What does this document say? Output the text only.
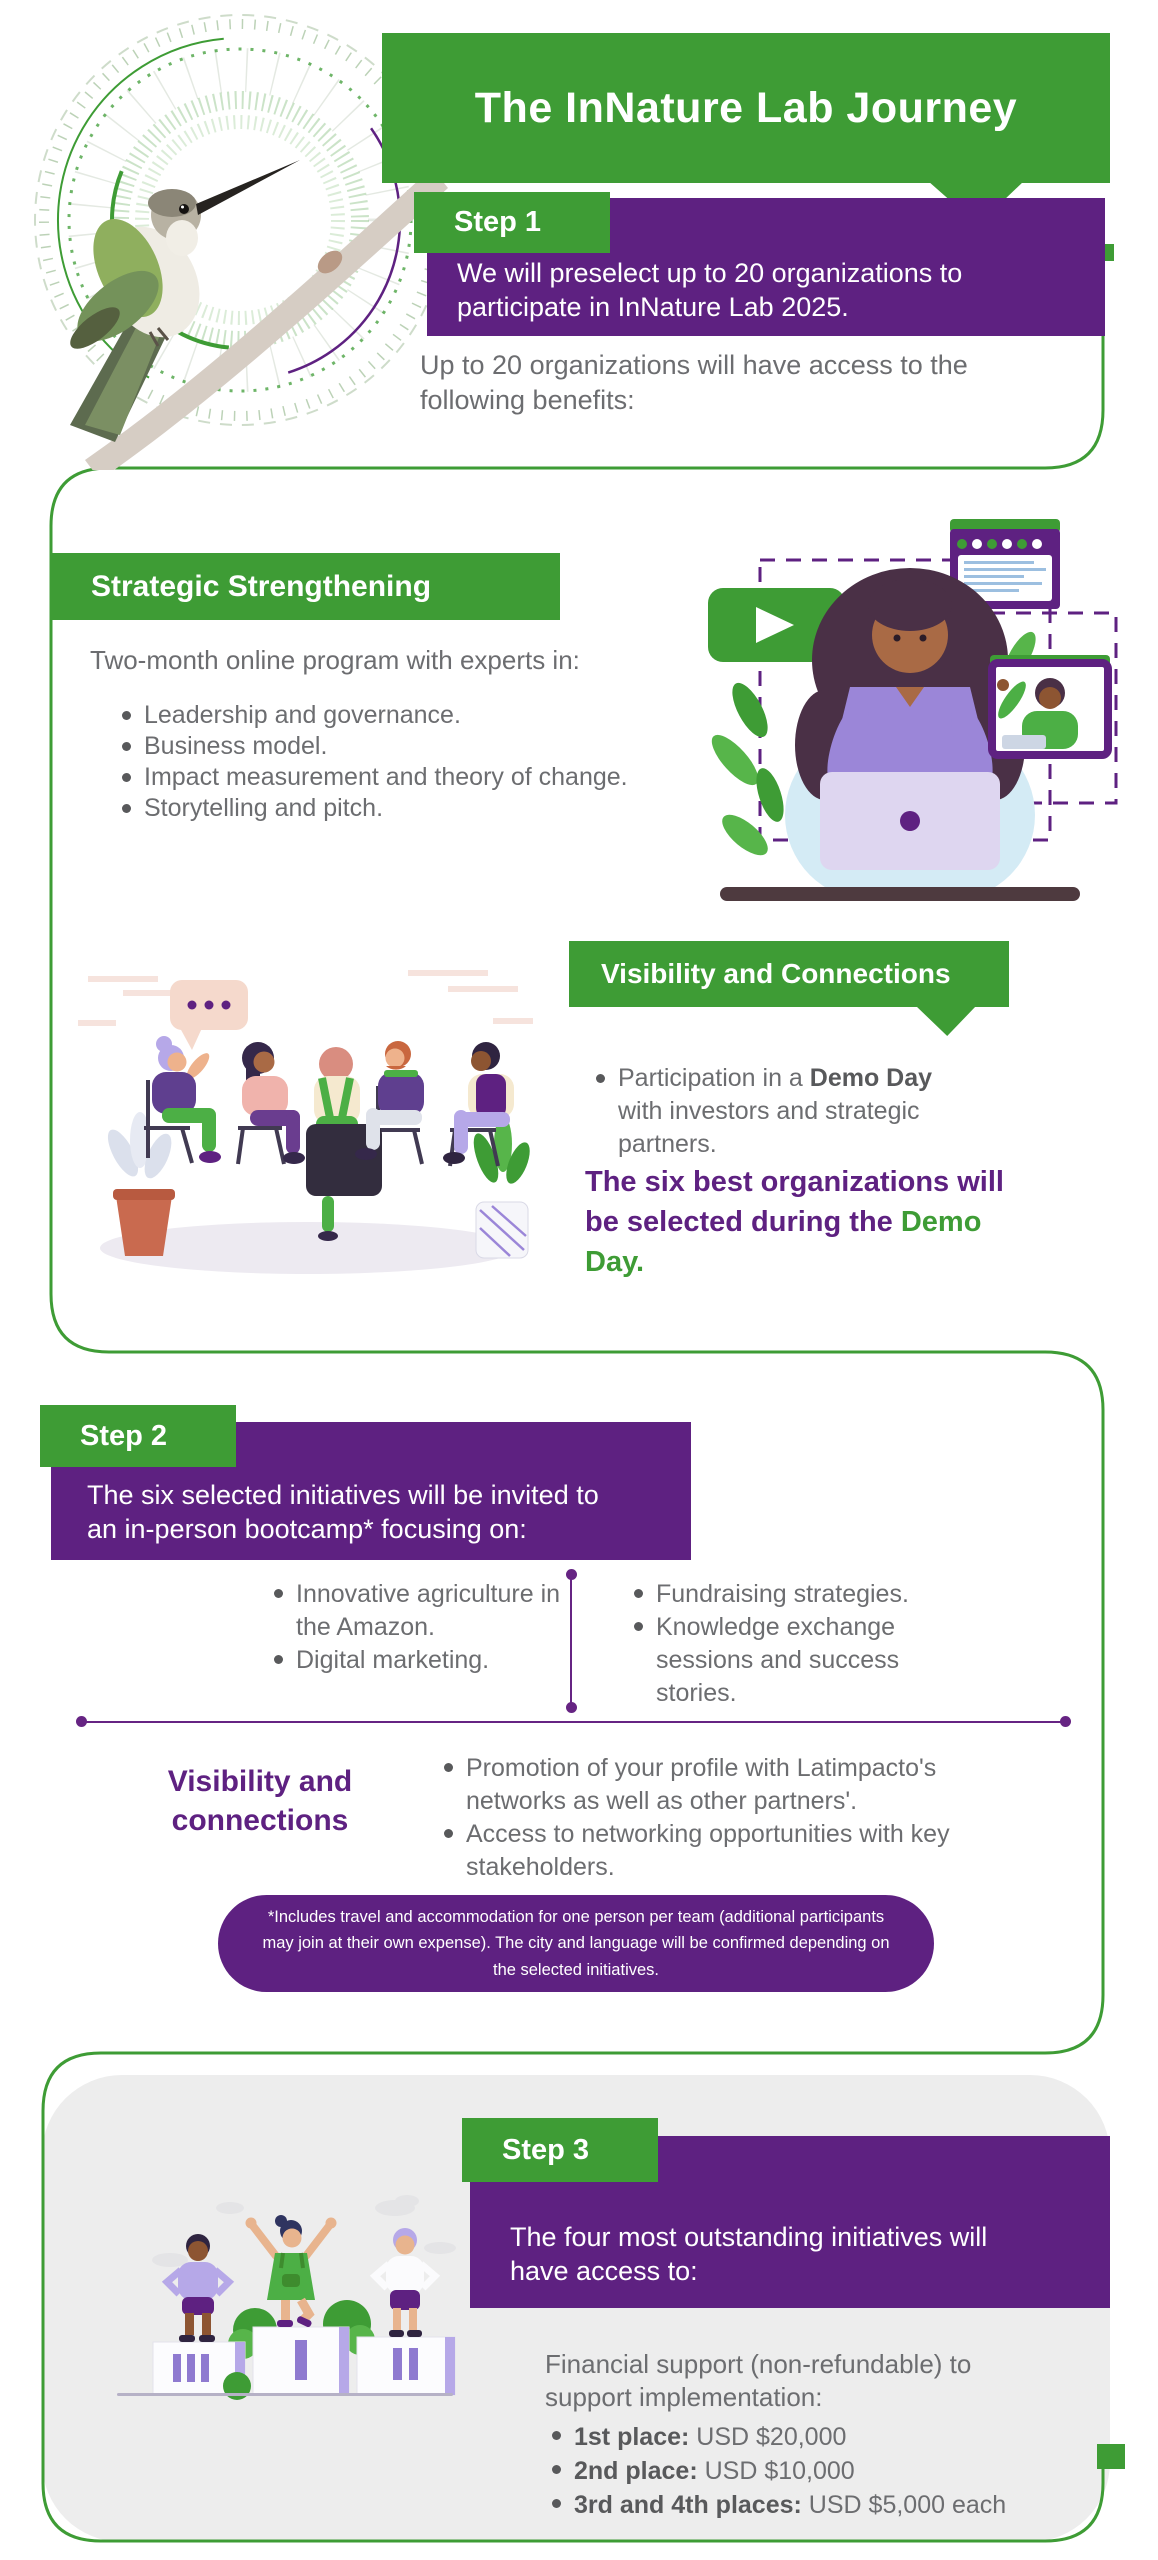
The InNature Lab Journey
We will preselect up to 20 organizations to
participate in InNature Lab 2025.
Step 1
Up to 20 organizations will have access to the following benefits:
Strategic Strengthening
Two-month online program with experts in:
Leadership and governance.
Business model.
Impact measurement and theory of change.
Storytelling and pitch.
Visibility and Connections
Participation in a Demo Day with investors and strategic partners.
The six best organizations will be selected during the Demo Day.
The six selected initiatives will be invited to
an in-person bootcamp* focusing on:
Step 2
Innovative agriculture in the Amazon.
Digital marketing.
Fundraising strategies.
Knowledge exchange sessions and success stories.
Visibility and connections
Promotion of your profile with Latimpacto's networks as well as other partners'.
Access to networking opportunities with key stakeholders.
*Includes travel and accommodation for one person per team (additional participants may join at their own expense). The city and language will be confirmed depending on the selected initiatives.
The four most outstanding initiatives will
have access to:
Step 3
Financial support (non-refundable) to support implementation:
1st place: USD $20,000
2nd place: USD $10,000
3rd and 4th places: USD $5,000 each
